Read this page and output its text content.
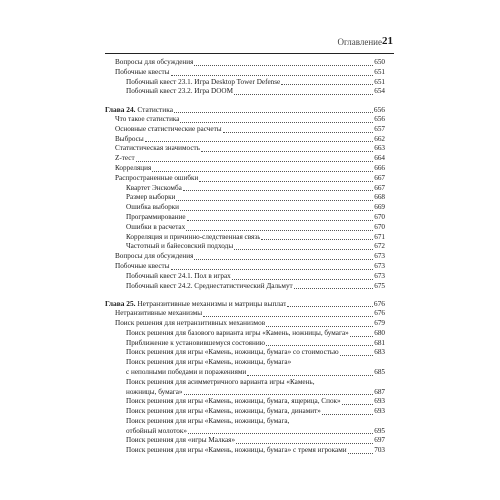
Оглавление 21
Вопросы для обсуждения	650
Побочные квесты	651
Побочный квест 23.1. Игра Desktop Tower Defense	651
Побочный квест 23.2. Игра DOOM	654
Глава 24. Статистика	656
Что такое статистика	656
Основные статистические расчеты	657
Выбросы	662
Статистическая значимость	663
Z-тест	664
Корреляция	666
Распространенные ошибки	667
Квартет Энскомба	667
Размер выборки	668
Ошибка выборки	669
Программирование	670
Ошибки в расчетах	670
Корреляция и причинно-следственная связь	671
Частотный и байесовский подходы	672
Вопросы для обсуждения	673
Побочные квесты	673
Побочный квест 24.1. Пол в играх	673
Побочный квест 24.2. Среднестатистический Дальмут	675
Глава 25. Нетранзитивные механизмы и матрицы выплат	676
Нетранзитивные механизмы	676
Поиск решения для нетранзитивных механизмов	679
Поиск решения для базового варианта игры «Камень, ножницы, бумага»	680
Приближение к установившемуся состоянию	681
Поиск решения для игры «Камень, ножницы, бумага» со стоимостью	683
Поиск решения для игры «Камень, ножницы, бумага»
с неполными победами и поражениями	685
Поиск решения для асимметричного варианта игры «Камень,
ножницы, бумага»	687
Поиск решения для игры «Камень, ножницы, бумага, ящерица, Спок»	693
Поиск решения для игры «Камень, ножницы, бумага, динамит»	693
Поиск решения для игры «Камень, ножницы, бумага,
отбойный молоток»	695
Поиск решения для «игры Малкая»	697
Поиск решения для игры «Камень, ножницы, бумага» с тремя игроками	703
